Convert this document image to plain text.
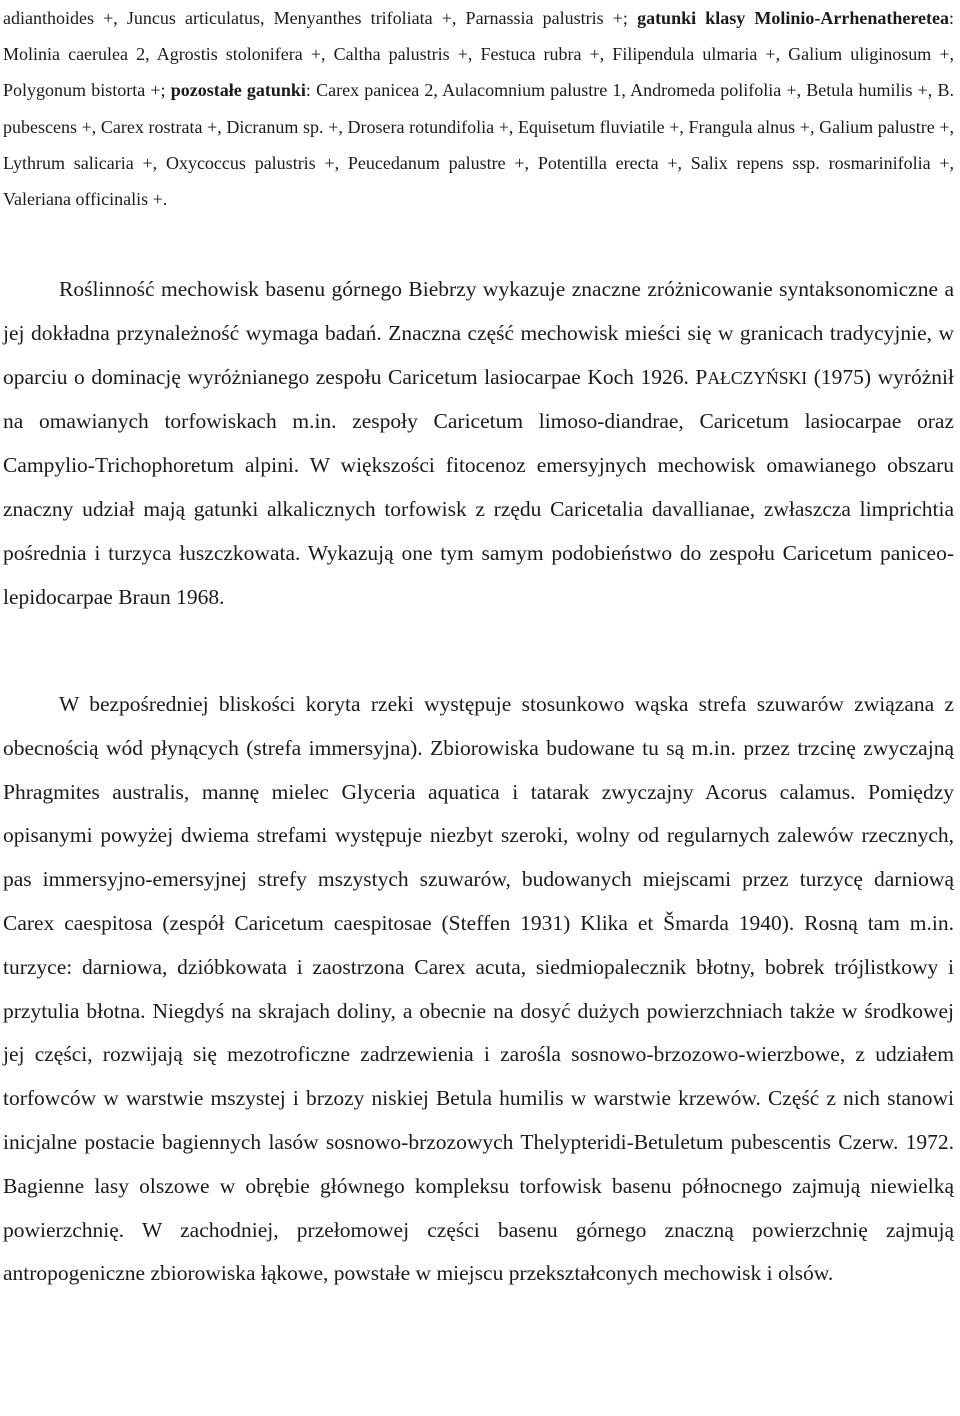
adianthoides +, Juncus articulatus, Menyanthes trifoliata +, Parnassia palustris +; gatunki klasy Molinio-Arrhenatheretea: Molinia caerulea 2, Agrostis stolonifera +, Caltha palustris +, Festuca rubra +, Filipendula ulmaria +, Galium uliginosum +, Polygonum bistorta +; pozostałe gatunki: Carex panicea 2, Aulacomnium palustre 1, Andromeda polifolia +, Betula humilis +, B. pubescens +, Carex rostrata +, Dicranum sp. +, Drosera rotundifolia +, Equisetum fluviatile +, Frangula alnus +, Galium palustre +, Lythrum salicaria +, Oxycoccus palustris +, Peucedanum palustre +, Potentilla erecta +, Salix repens ssp. rosmarinifolia +, Valeriana officinalis +.
Roślinność mechowisk basenu górnego Biebrzy wykazuje znaczne zróżnicowanie syntaksonomiczne a jej dokładna przynależność wymaga badań. Znaczna część mechowisk mieści się w granicach tradycyjnie, w oparciu o dominację wyróżnianego zespołu Caricetum lasiocarpae Koch 1926. PAŁCZYŃSKI (1975) wyróżnił na omawianych torfowiskach m.in. zespoły Caricetum limoso-diandrae, Caricetum lasiocarpae oraz Campylio-Trichophoretum alpini. W większości fitocenoz emersyjnych mechowisk omawianego obszaru znaczny udział mają gatunki alkalicznych torfowisk z rzędu Caricetalia davallianae, zwłaszcza limprichtia pośrednia i turzyca łuszczkowata. Wykazują one tym samym podobieństwo do zespołu Caricetum paniceo-lepidocarpae Braun 1968.
W bezpośredniej bliskości koryta rzeki występuje stosunkowo wąska strefa szuwarów związana z obecnością wód płynących (strefa immersyjna). Zbiorowiska budowane tu są m.in. przez trzcinę zwyczajną Phragmites australis, mannę mielec Glyceria aquatica i tatarak zwyczajny Acorus calamus. Pomiędzy opisanymi powyżej dwiema strefami występuje niezbyt szeroki, wolny od regularnych zalewów rzecznych, pas immersyjno-emersyjnej strefy mszystych szuwarów, budowanych miejscami przez turzycę darniową Carex caespitosa (zespół Caricetum caespitosae (Steffen 1931) Klika et Šmarda 1940). Rosną tam m.in. turzyce: darniowa, dzióbkowata i zaostrzona Carex acuta, siedmiopalecznik błotny, bobrek trójlistkowy i przytulia błotna. Niegdyś na skrajach doliny, a obecnie na dosyć dużych powierzchniach także w środkowej jej części, rozwijają się mezotroficzne zadrzewienia i zarośla sosnowo-brzozowo-wierzbowe, z udziałem torfowców w warstwie mszystej i brzozy niskiej Betula humilis w warstwie krzewów. Część z nich stanowi inicjalne postacie bagiennych lasów sosnowo-brzozowych Thelypteridi-Betuletum pubescentis Czerw. 1972. Bagienne lasy olszowe w obrębie głównego kompleksu torfowisk basenu północnego zajmują niewielką powierzchnię. W zachodniej, przełomowej części basenu górnego znaczną powierzchnię zajmują antropogeniczne zbiorowiska łąkowe, powstałe w miejscu przekształconych mechowisk i olsów.
